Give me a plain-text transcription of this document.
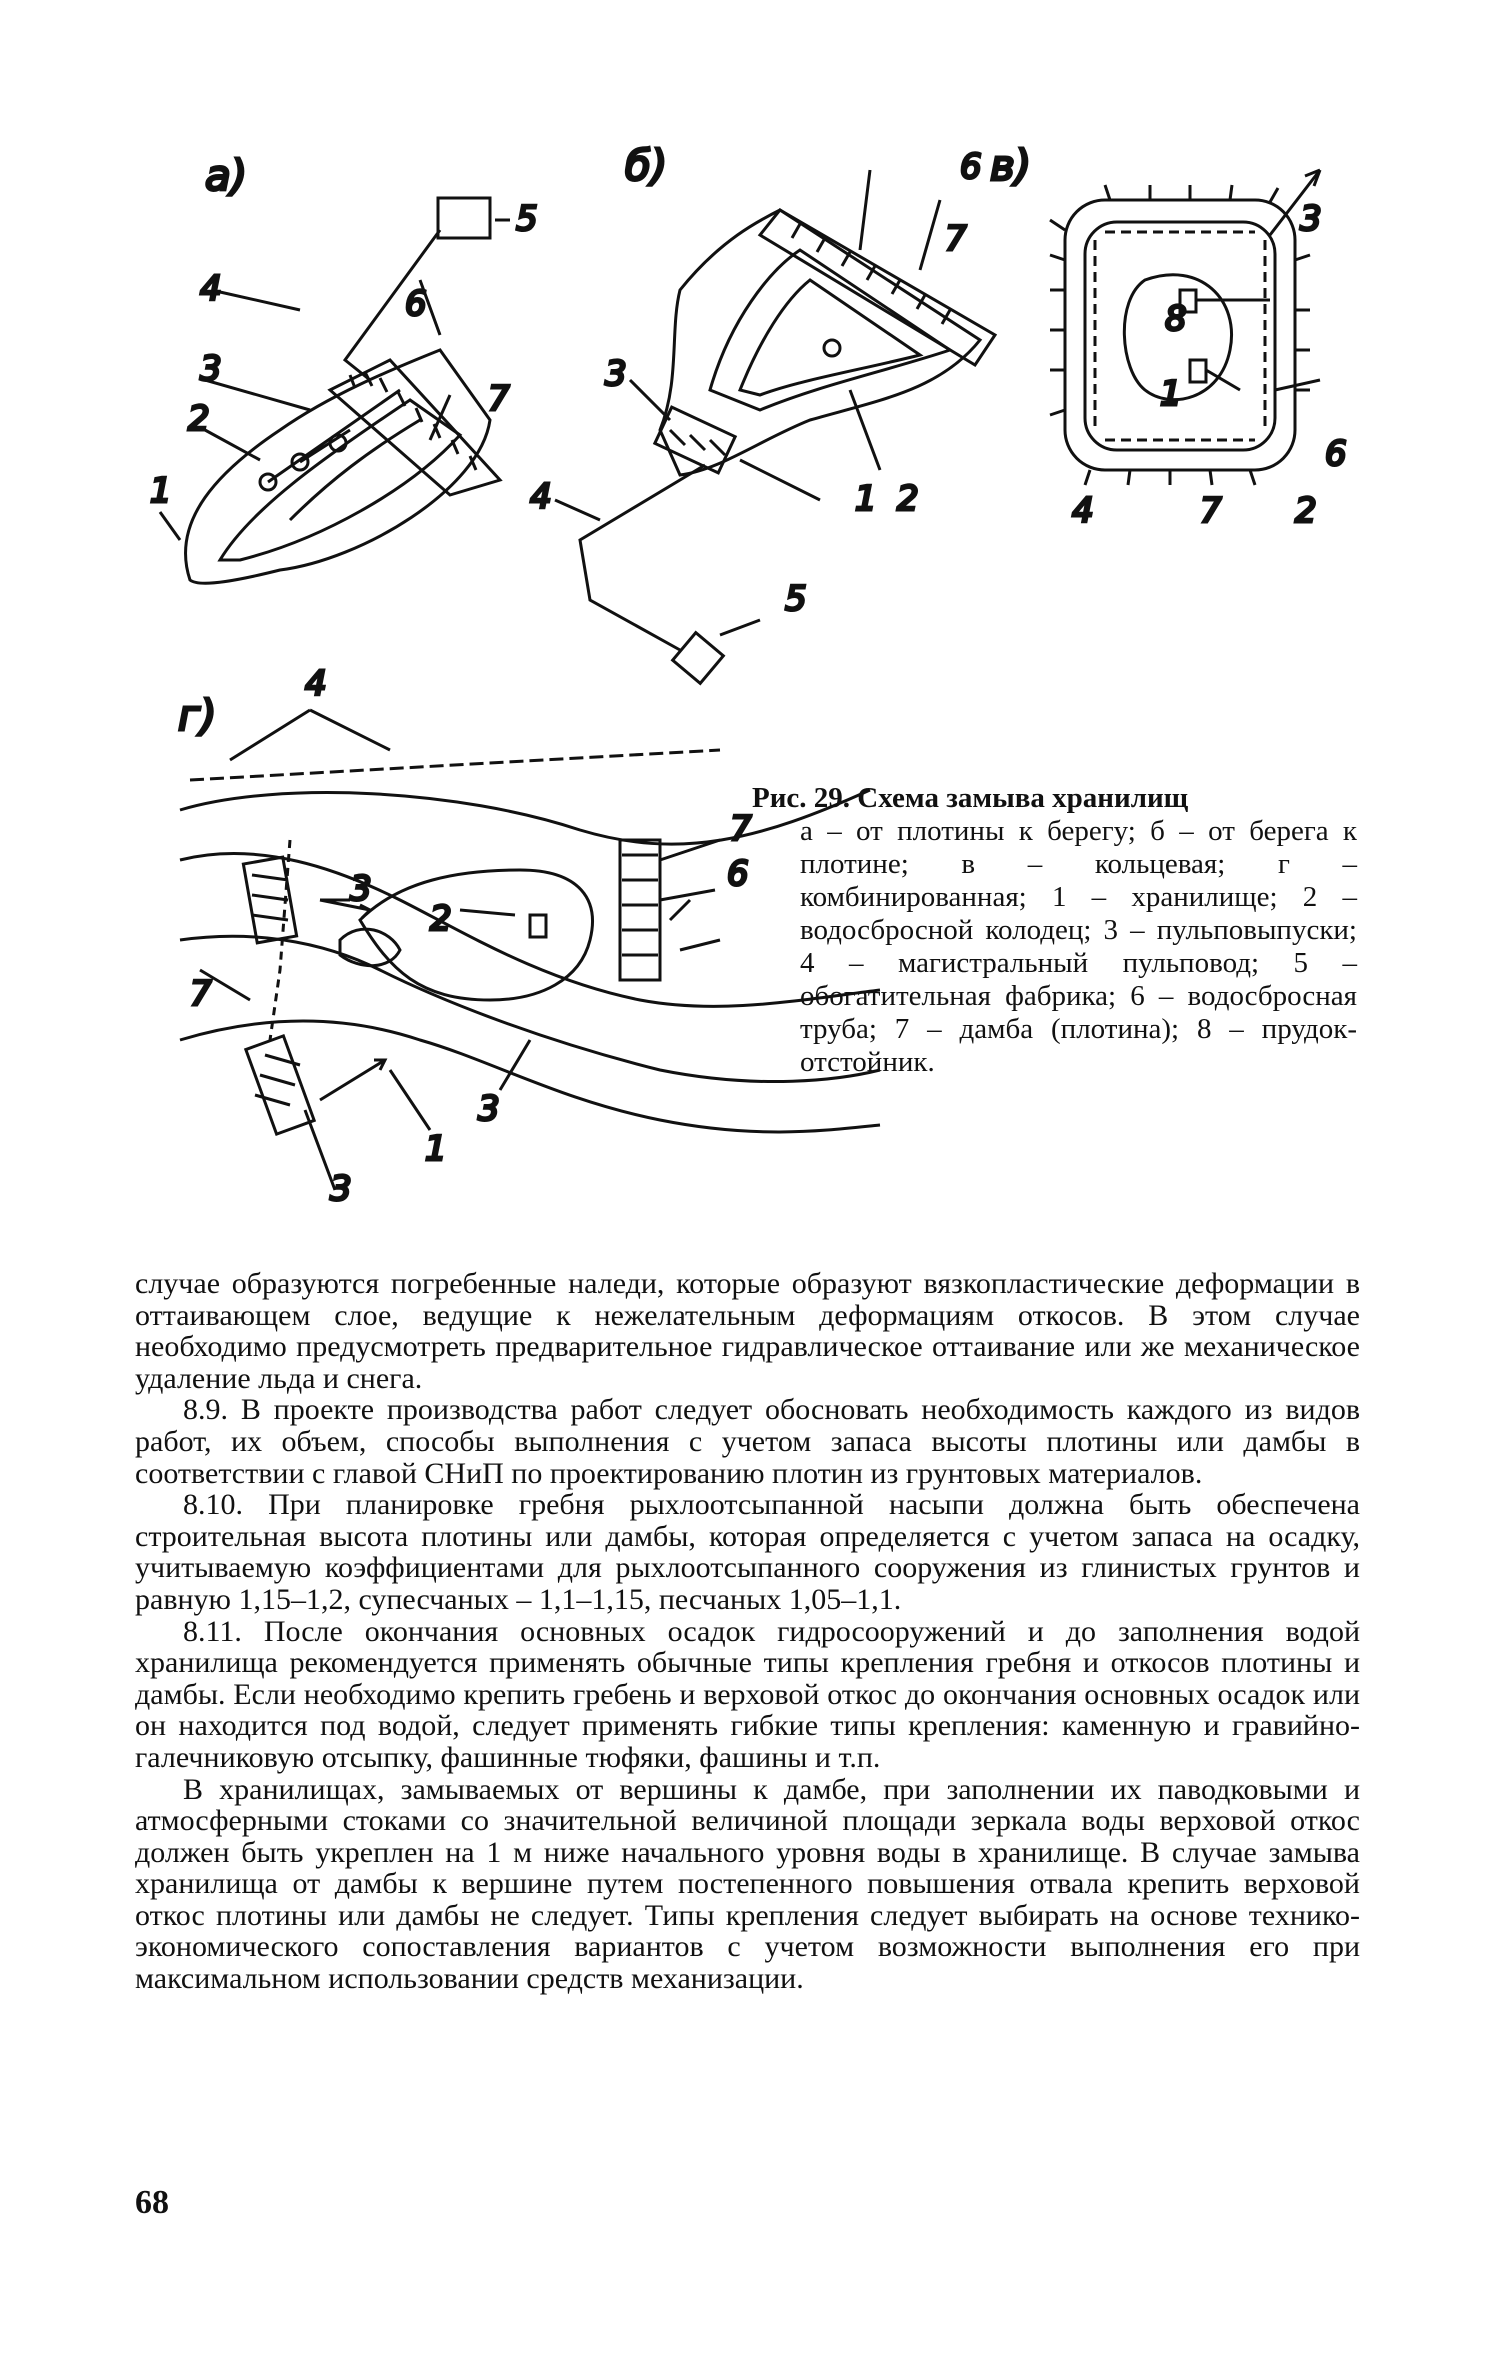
а)
1
2
3
4
5
6
7
б)	6
7
3
1 2
4
5
в)
3
8
1
6
4	7 2
г)
4
3
2
7
6
7
3
1
3
Рис. 29. Схема замыва хранилищ
а – от плотины к берегу; б – от берега к плотине; в – кольцевая; г – комбинированная; 1 – хранилище; 2 – водосбросной колодец; 3 – пульповыпуски; 4 – магистральный пульповод; 5 – обогатительная фабрика; 6 – водосбросная труба; 7 – дамба (плотина); 8 – прудок-отстойник.

случае образуются погребенные наледи, которые образуют вязкопластические деформации в оттаивающем слое, ведущие к нежелательным деформациям откосов. В этом случае необходимо предусмотреть предварительное гидравлическое оттаивание или же механическое удаление льда и снега.

8.9. В проекте производства работ следует обосновать необходимость каждого из видов работ, их объем, способы выполнения с учетом запаса высоты плотины или дамбы в соответствии с главой СНиП по проектированию плотин из грунтовых материалов.

8.10. При планировке гребня рыхлоотсыпанной насыпи должна быть обеспечена строительная высота плотины или дамбы, которая определяется с учетом запаса на осадку, учитываемую коэффициентами для рыхлоотсыпанного сооружения из глинистых грунтов и равную 1,15–1,2, супесчаных – 1,1–1,15, песчаных 1,05–1,1.

8.11. После окончания основных осадок гидросооружений и до заполнения водой хранилища рекомендуется применять обычные типы крепления гребня и откосов плотины и дамбы. Если необходимо крепить гребень и верховой откос до окончания основных осадок или он находится под водой, следует применять гибкие типы крепления: каменную и гравийно-галечниковую отсыпку, фашинные тюфяки, фашины и т.п.

В хранилищах, замываемых от вершины к дамбе, при заполнении их паводковыми и атмосферными стоками со значительной величиной площади зеркала воды верховой откос должен быть укреплен на 1 м ниже начального уровня воды в хранилище. В случае замыва хранилища от дамбы к вершине путем постепенного повышения отвала крепить верховой откос плотины или дамбы не следует. Типы крепления следует выбирать на основе технико-экономического сопоставления вариантов с учетом возможности выполнения его при максимальном использовании средств механизации.

68
